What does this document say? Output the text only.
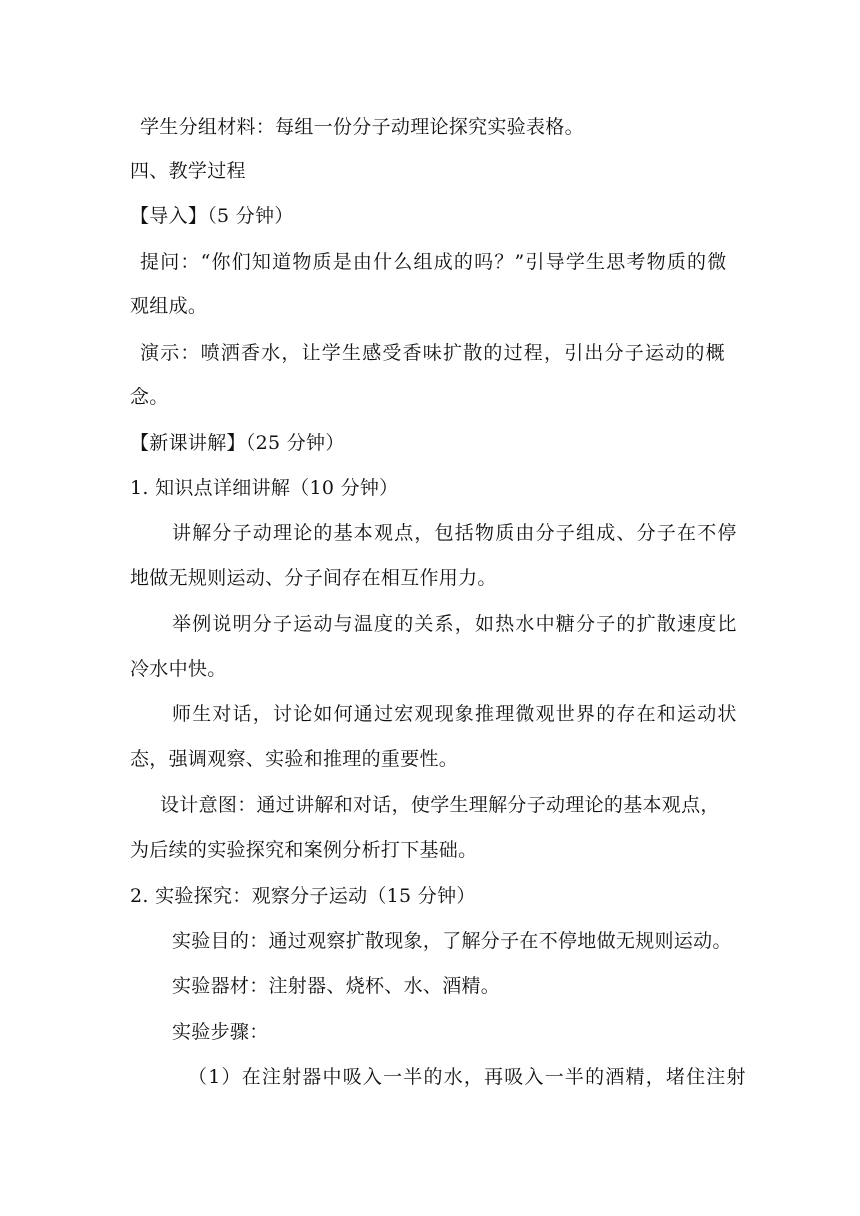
学生分组材料：每组一份分子动理论探究实验表格。
四、教学过程
【导入】（5 分钟）
提问：“你们知道物质是由什么组成的吗？”引导学生思考物质的微
观组成。
演示：喷洒香水，让学生感受香味扩散的过程，引出分子运动的概
念。
【新课讲解】（25 分钟）
1. 知识点详细讲解（10 分钟）
讲解分子动理论的基本观点，包括物质由分子组成、分子在不停
地做无规则运动、分子间存在相互作用力。
举例说明分子运动与温度的关系，如热水中糖分子的扩散速度比
冷水中快。
师生对话，讨论如何通过宏观现象推理微观世界的存在和运动状
态，强调观察、实验和推理的重要性。
设计意图：通过讲解和对话，使学生理解分子动理论的基本观点，
为后续的实验探究和案例分析打下基础。
2. 实验探究：观察分子运动（15 分钟）
实验目的：通过观察扩散现象，了解分子在不停地做无规则运动。
实验器材：注射器、烧杯、水、酒精。
实验步骤：
（1）在注射器中吸入一半的水，再吸入一半的酒精，堵住注射
